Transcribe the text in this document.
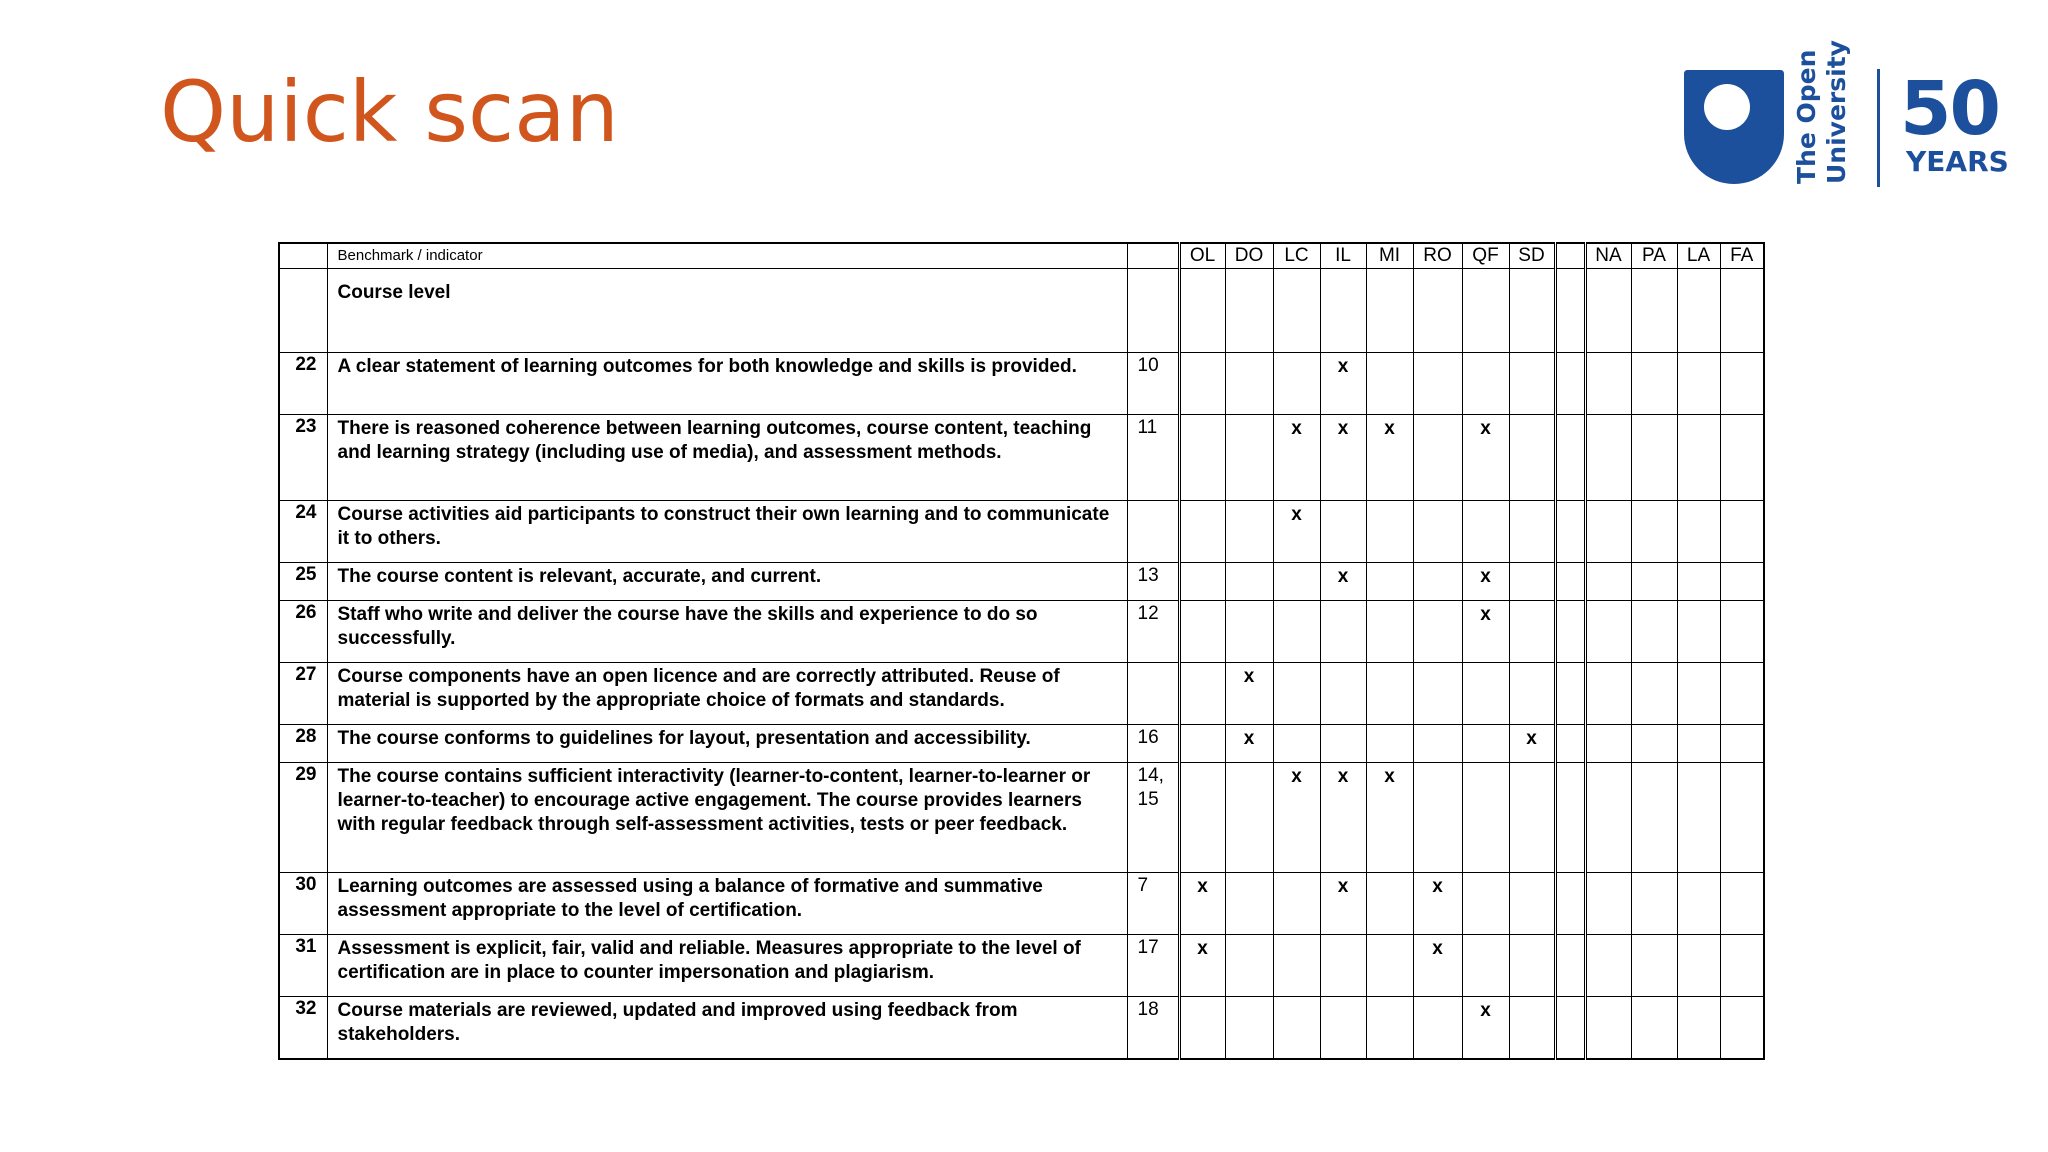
Quick scan	The Open University 50
YEARS
	Benchmark / indicator		OL	DO	LC	IL	MI	RO	QF	SD		NA	PA	LA	FA
	Course level														
22	A clear statement of learning outcomes for both knowledge and skills is provided.	10				x									
23	There is reasoned coherence between learning outcomes, course content, teaching and learning strategy (including use of media), and assessment methods.	11			x	x	x		x						
24	Course activities aid participants to construct their own learning and to communicate it to others.				x										
25	The course content is relevant, accurate, and current.	13				x			x						
26	Staff who write and deliver the course have the skills and experience to do so successfully.	12							x						
27	Course components have an open licence and are correctly attributed. Reuse of material is supported by the appropriate choice of formats and standards.			x											
28	The course conforms to guidelines for layout, presentation and accessibility.	16		x						x					
29	The course contains sufficient interactivity (learner-to-content, learner-to-learner or learner-to-teacher) to encourage active engagement. The course provides learners with regular feedback through self-assessment activities, tests or peer feedback.	14, 15			x	x	x								
30	Learning outcomes are assessed using a balance of formative and summative assessment appropriate to the level of certification.	7	x			x		x							
31	Assessment is explicit, fair, valid and reliable. Measures appropriate to the level of certification are in place to counter impersonation and plagiarism.	17	x					x							
32	Course materials are reviewed, updated and improved using feedback from stakeholders.	18							x						
